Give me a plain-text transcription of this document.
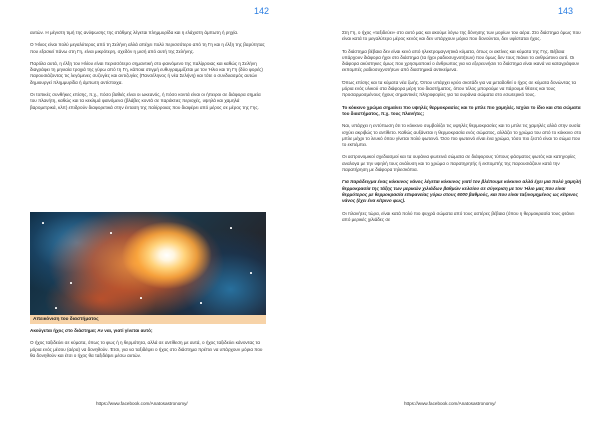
142

αυτών. Η μέγιστη τιμή της ανύψωσης της στάθμης λέγεται πλημμυρίδα και η ελάχιστη άμπωτη ή ρηχία.

Ο Ήλιος είναι πολύ μεγαλύτερος από τη Σελήνη αλλά απέχει πολύ περισσότερο από τη Γη και η έλξη της βαρύτητας που εξασκεί πάνω στη Γη, είναι μικρότερη, σχεδόν η μισή από αυτή της Σελήνης.

Παρόλα αυτά, η έλξη του Ηλίου είναι περισσότερο σημαντική στο φαινόμενο της παλίρροιας και καθώς η Σελήνη διαγράφει τη μηνιαία τροχιά της γύρω από τη Γη, κάποια στιγμή ευθυγραμμίζεται με τον Ήλιο και τη Γη (δύο φορές) παρουσιάζοντας τις λεγόμενες συζυγίες και αντιζυγίες (Πανσέληνος ή νέα Σελήνη) και τότε ο συνδυασμός αυτών δημιουργεί πλημμυρίδα ή άμπωτη αντίστοιχα.

Οι τοπικές συνθήκες επίσης, π.χ., πόσο βαθιές είναι οι ωκεανός, ή πόσο κοντά είναι οι ήπειροι σε διάφορα σημεία του πλανήτη, καθώς και τα κεκλιμά φαινόμενα (βλάβες κοντά σε παράκτιες περιοχές, υψηλά και χαμηλά βαρομετρικά, κλπ) επιδρούν διαφορετικά στην ένταση της παλίρροιας που διαφέρει από μέρος σε μέρος της Γης.

Απεικόνιση του διαστήματος

Ακούγεται ήχος στο διάστημα; Αν ναι, γιατί γίνεται αυτό;

Ο ήχος ταξιδεύει σε κύματα, όπως το φως ή η θερμότητα, αλλά σε αντίθεση με αυτά, ο ήχος ταξιδεύει κάνοντας τα μόρια ενός μέσου (αέρα) να δονηθούν. Έτσι, για να ταξιδέψει ο ήχος στο διάστημα πρέπει να υπάρχουν μόρια που θα δονηθούν και έτσι ο ήχος θα ταξιδέψει μέσω αυτών.

https://www.facebook.com/Anatosastronomy/
143

Στη Γη, ο ήχος «ταξιδεύει» στο αυτό μας και ακούμε λόγω της δόνησης των μορίων του αέρα. Στο διάστημα όμως που είναι κατά το μεγαλύτερο μέρος κενός και δεν υπάρχουν μόρια που δονούνται, δεν υφίσταται ήχος.

Το διάστημα βέβαια δεν είναι κενό από ηλεκτρομαγνητικά κύματα, όπως οι ακτίνες και κύματα της Γης. Βέβαια υπάρχουν διάφορα ήχοι στο διάστημα (τα ήχοι ραδιοσυχνοτήτων) που όμως δεν τους πιάνει το ανθρώπινο αυτί. Οι διάφορα ακύστηκες όμως που χρησιμοποιεί ο άνθρωπος για να εξερευνήσει το διάστημα είναι ικανά να καταγράφουν εκπομπές ραδιοσυχνοτήτων από διαστημικά αντικείμενα.

Όπως επίσης και τα κύματα νέα ζωής. Όπου υπάρχει κρύο σκοτάδι για να μεταδοθεί ο ήχος σε κύματα δονώντας τα μόρια ενός υλικού στα διάφορα μέρη του διαστήματος, όπου τέλος μπορούμε να πάρουμε θέσεις και τους προσαρμοσμένους ήχους σημαντικές πληροφορίες για τα ουράνια σώματα στο εσωτερικό τους.

Το κόκκινο χρώμα σημαίνει πιο υψηλές θερμοκρασίες και το μπλε πιο χαμηλές. Ισχύει το ίδιο και στα σώματα του διαστήματος, π.χ. τους πλανήτες;

Ναι, υπάρχει η εντύπωση ότι το κόκκινο συμβολίζει τις υψηλές θερμοκρασίες και το μπλε τις χαμηλές αλλά στην ουσία ισχύει ακριβώς το αντίθετο. Καθώς αυξάνεται η θερμοκρασία ενός σώματος, αλλάζει το χρώμα του από το κόκκινο στο μπλε μέχρι το λευκό όπου γίνεται πολύ φωτεινό. Όσο πιο φωτεινό είναι ένα χρώμα, τόσο πιο ζεστό είναι το σώμα που το εκπέμπει.

Οι αστρονομικοί σχεδιασμοί και τα ουράνια φωτεινά σώματα σε διάφορους τύπους φάσματος φωτός και κατηγορίες αναλογα με την υψηλή τους ανάλυση και το χρώμα ο παρατηρητής ή εκπομπής της παρουσιάζουν κατά την παρατήρηση με διάφορα τηλεσκόπια.

Για παράδειγμα ένας κόκκινος νάνος λέγεται κόκκινος γιατί τον βλέπουμε κόκκινο αλλά έχει μια πολύ χαμηλή θερμοκρασία της τάξης των μερικών χιλιάδων βαθμών κελσίου σε σύγκριση με τον Ήλιο μας που είναι θερμότερος με θερμοκρασία επιφανείας γύρω στους 6000 βαθμούς, και που είναι ταξινομημένος ως κίτρινος νάνος (έχει ένα κίτρινο φως).

Οι πλανήτες τώρα, είναι κατά πολύ πιο ψυχρά σώματα από τους αστέρες βέβαια (όπου η θερμοκρασία τους φτάνει από μερικές χιλιάδες σε

https://www.facebook.com/Anatosastronomy/
